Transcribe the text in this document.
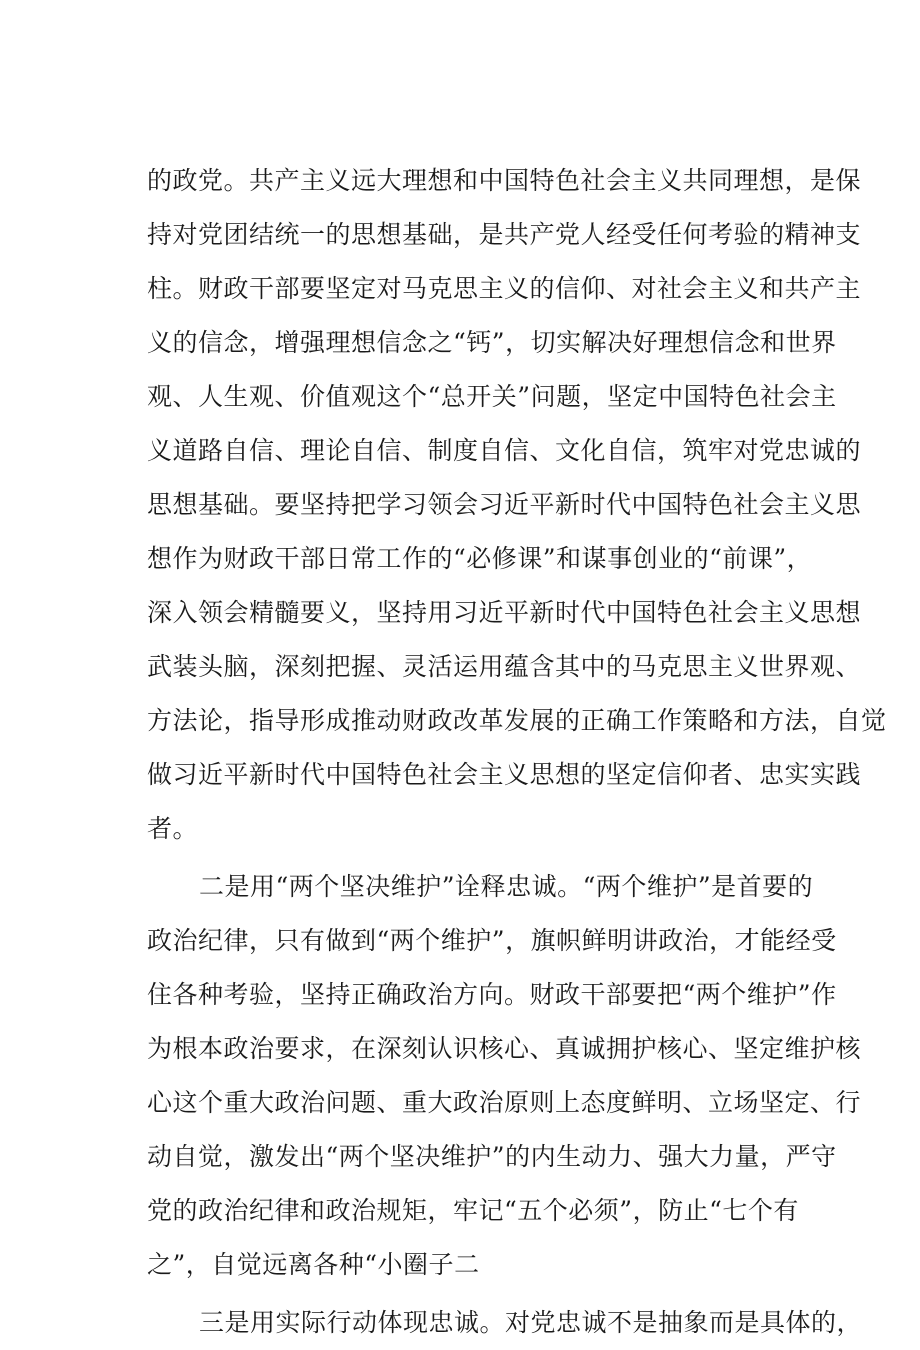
的政党。共产主义远大理想和中国特色社会主义共同理想，是保
持对党团结统一的思想基础，是共产党人经受任何考验的精神支
柱。财政干部要坚定对马克思主义的信仰、对社会主义和共产主
义的信念，增强理想信念之“钙”，切实解决好理想信念和世界
观、人生观、价值观这个“总开关”问题，坚定中国特色社会主
义道路自信、理论自信、制度自信、文化自信，筑牢对党忠诚的
思想基础。要坚持把学习领会习近平新时代中国特色社会主义思
想作为财政干部日常工作的“必修课”和谋事创业的“前课”，
深入领会精髓要义，坚持用习近平新时代中国特色社会主义思想
武装头脑，深刻把握、灵活运用蕴含其中的马克思主义世界观、
方法论，指导形成推动财政改革发展的正确工作策略和方法，自觉
做习近平新时代中国特色社会主义思想的坚定信仰者、忠实实践
者。
二是用“两个坚决维护”诠释忠诚。“两个维护”是首要的
政治纪律，只有做到“两个维护”，旗帜鲜明讲政治，才能经受
住各种考验，坚持正确政治方向。财政干部要把“两个维护”作
为根本政治要求，在深刻认识核心、真诚拥护核心、坚定维护核
心这个重大政治问题、重大政治原则上态度鲜明、立场坚定、行
动自觉，激发出“两个坚决维护”的内生动力、强大力量，严守
党的政治纪律和政治规矩，牢记“五个必须”，防止“七个有
之”，自觉远离各种“小圈子二
三是用实际行动体现忠诚。对党忠诚不是抽象而是具体的，
